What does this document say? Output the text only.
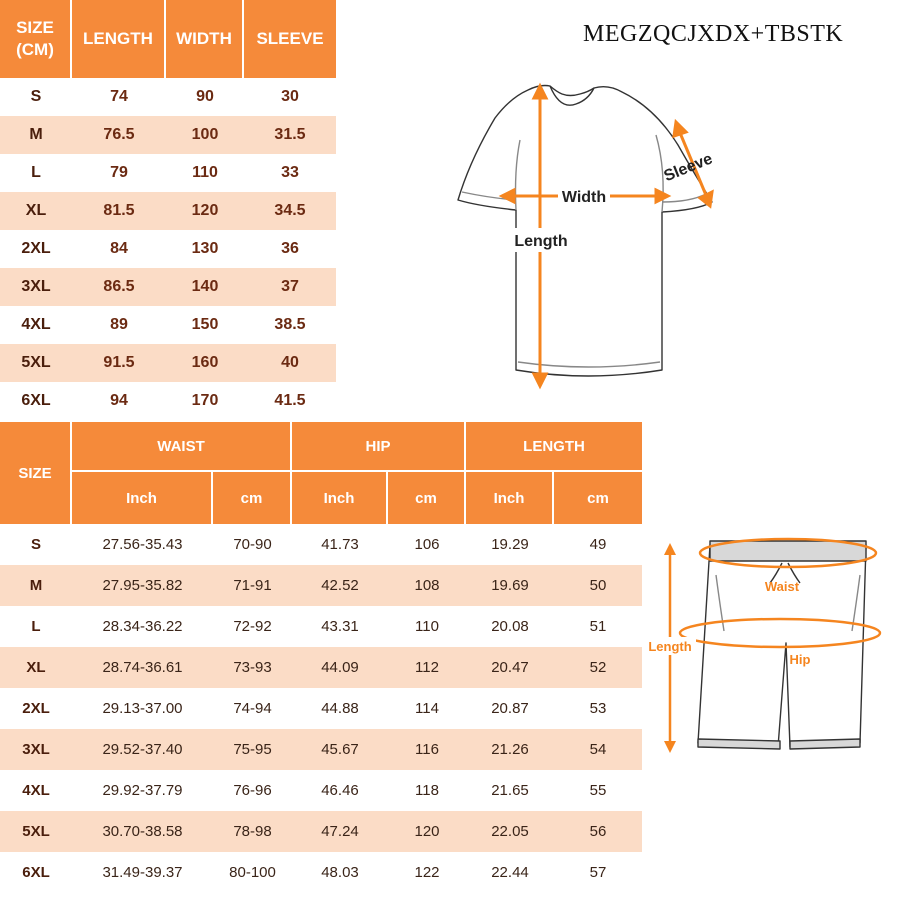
SIZE (CM)
LENGTH	WIDTH	SLEEVE
S	74	90	30
M	76.5	100	31.5
L	79	110	33
XL	81.5	120	34.5
2XL	84	130	36
3XL	86.5	140	37
4XL	89	150	38.5
5XL	91.5	160	40
6XL	94	170	41.5
MEGZQCJXDX+TBSTK
Width
Length
Sleeve
SIZE
WAIST	HIP	LENGTH
Inch	cm	Inch	cm	Inch	cm
S	27.56-35.43	70-90	41.73	106	19.29	49
M	27.95-35.82	71-91	42.52	108	19.69	50
L	28.34-36.22	72-92	43.31	110	20.08	51
XL	28.74-36.61	73-93	44.09	112	20.47	52
2XL	29.13-37.00	74-94	44.88	114	20.87	53
3XL	29.52-37.40	75-95	45.67	116	21.26	54
4XL	29.92-37.79	76-96	46.46	118	21.65	55
5XL	30.70-38.58	78-98	47.24	120	22.05	56
6XL	31.49-39.37	80-100	48.03	122	22.44	57
Waist
Hip
Length
